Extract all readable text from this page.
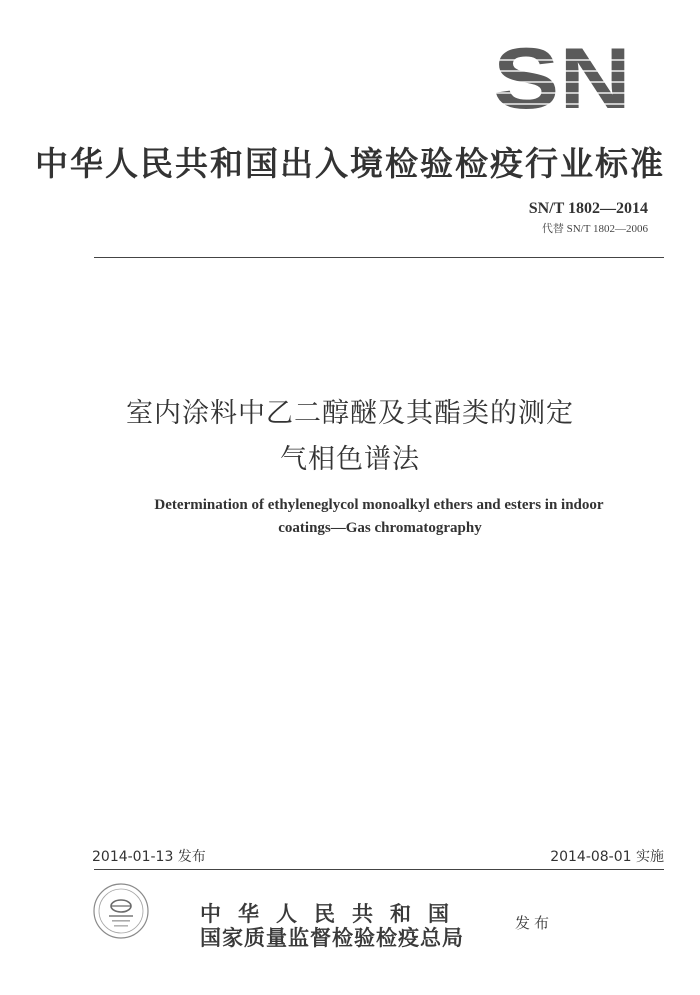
SN
中华人民共和国出入境检验检疫行业标准
SN/T 1802—2014
代替 SN/T 1802—2006
室内涂料中乙二醇醚及其酯类的测定
气相色谱法
Determination of ethyleneglycol monoalkyl ethers and esters in indoor
coatings—Gas chromatography
2014-01-13 发布	2014-08-01 实施
中华人民共和国
国家质量监督检验检疫总局
发布
